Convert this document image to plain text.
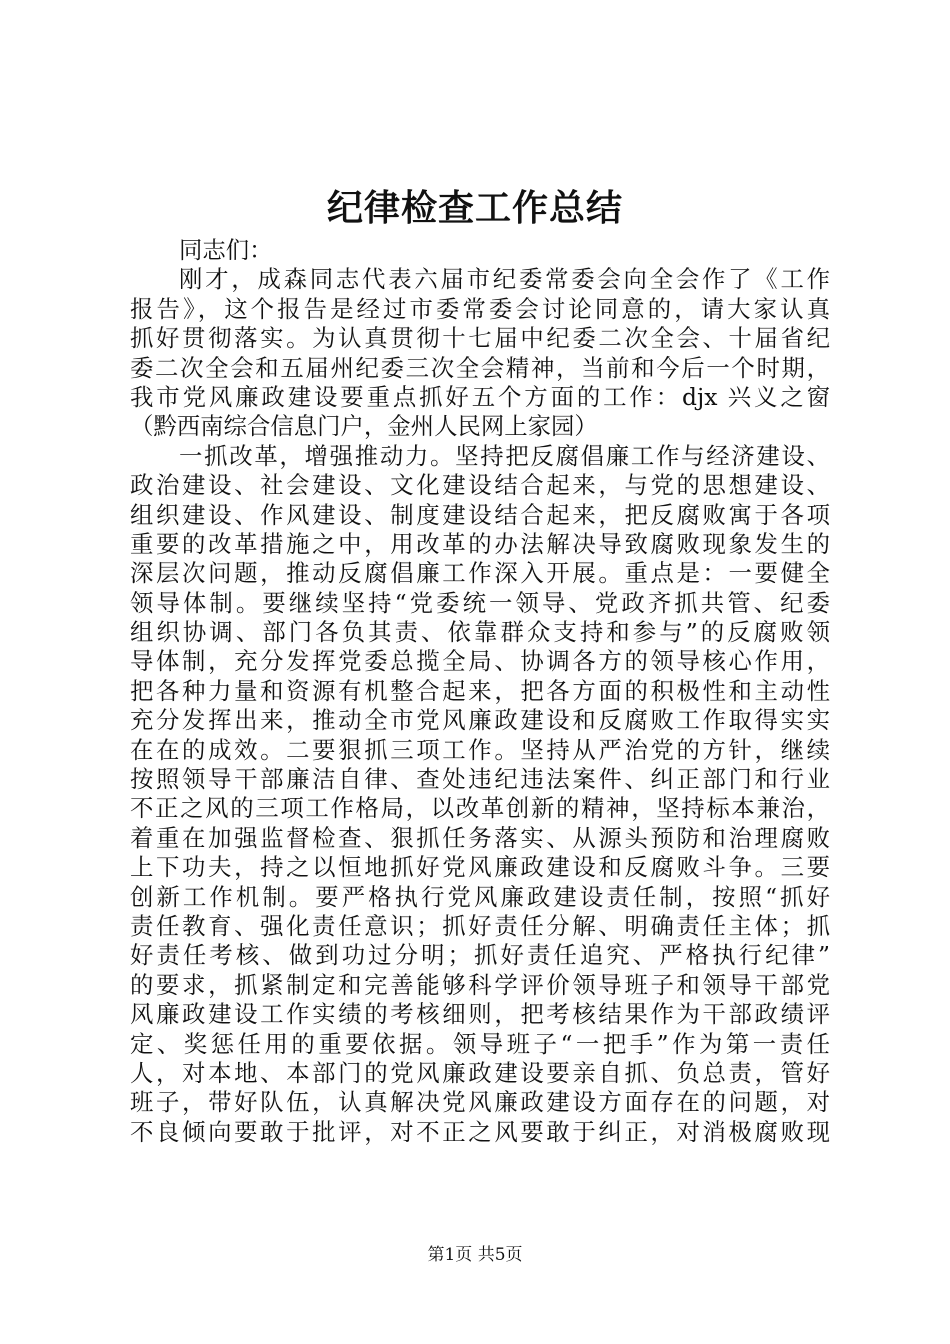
纪律检查工作总结
同志们：
刚才，成森同志代表六届市纪委常委会向全会作了《工作
报告》，这个报告是经过市委常委会讨论同意的，请大家认真
抓好贯彻落实。为认真贯彻十七届中纪委二次全会、十届省纪
委二次全会和五届州纪委三次全会精神，当前和今后一个时期，
我市党风廉政建设要重点抓好五个方面的工作：djx 兴义之窗
（黔西南综合信息门户，金州人民网上家园）
一抓改革，增强推动力。坚持把反腐倡廉工作与经济建设、
政治建设、社会建设、文化建设结合起来，与党的思想建设、
组织建设、作风建设、制度建设结合起来，把反腐败寓于各项
重要的改革措施之中，用改革的办法解决导致腐败现象发生的
深层次问题，推动反腐倡廉工作深入开展。重点是：一要健全
领导体制。要继续坚持“党委统一领导、党政齐抓共管、纪委
组织协调、部门各负其责、依靠群众支持和参与”的反腐败领
导体制，充分发挥党委总揽全局、协调各方的领导核心作用，
把各种力量和资源有机整合起来，把各方面的积极性和主动性
充分发挥出来，推动全市党风廉政建设和反腐败工作取得实实
在在的成效。二要狠抓三项工作。坚持从严治党的方针，继续
按照领导干部廉洁自律、查处违纪违法案件、纠正部门和行业
不正之风的三项工作格局，以改革创新的精神，坚持标本兼治，
着重在加强监督检查、狠抓任务落实、从源头预防和治理腐败
上下功夫，持之以恒地抓好党风廉政建设和反腐败斗争。三要
创新工作机制。要严格执行党风廉政建设责任制，按照“抓好
责任教育、强化责任意识；抓好责任分解、明确责任主体；抓
好责任考核、做到功过分明；抓好责任追究、严格执行纪律”
的要求，抓紧制定和完善能够科学评价领导班子和领导干部党
风廉政建设工作实绩的考核细则，把考核结果作为干部政绩评
定、奖惩任用的重要依据。领导班子“一把手”作为第一责任
人，对本地、本部门的党风廉政建设要亲自抓、负总责，管好
班子，带好队伍，认真解决党风廉政建设方面存在的问题，对
不良倾向要敢于批评，对不正之风要敢于纠正，对消极腐败现
第1页 共5页
